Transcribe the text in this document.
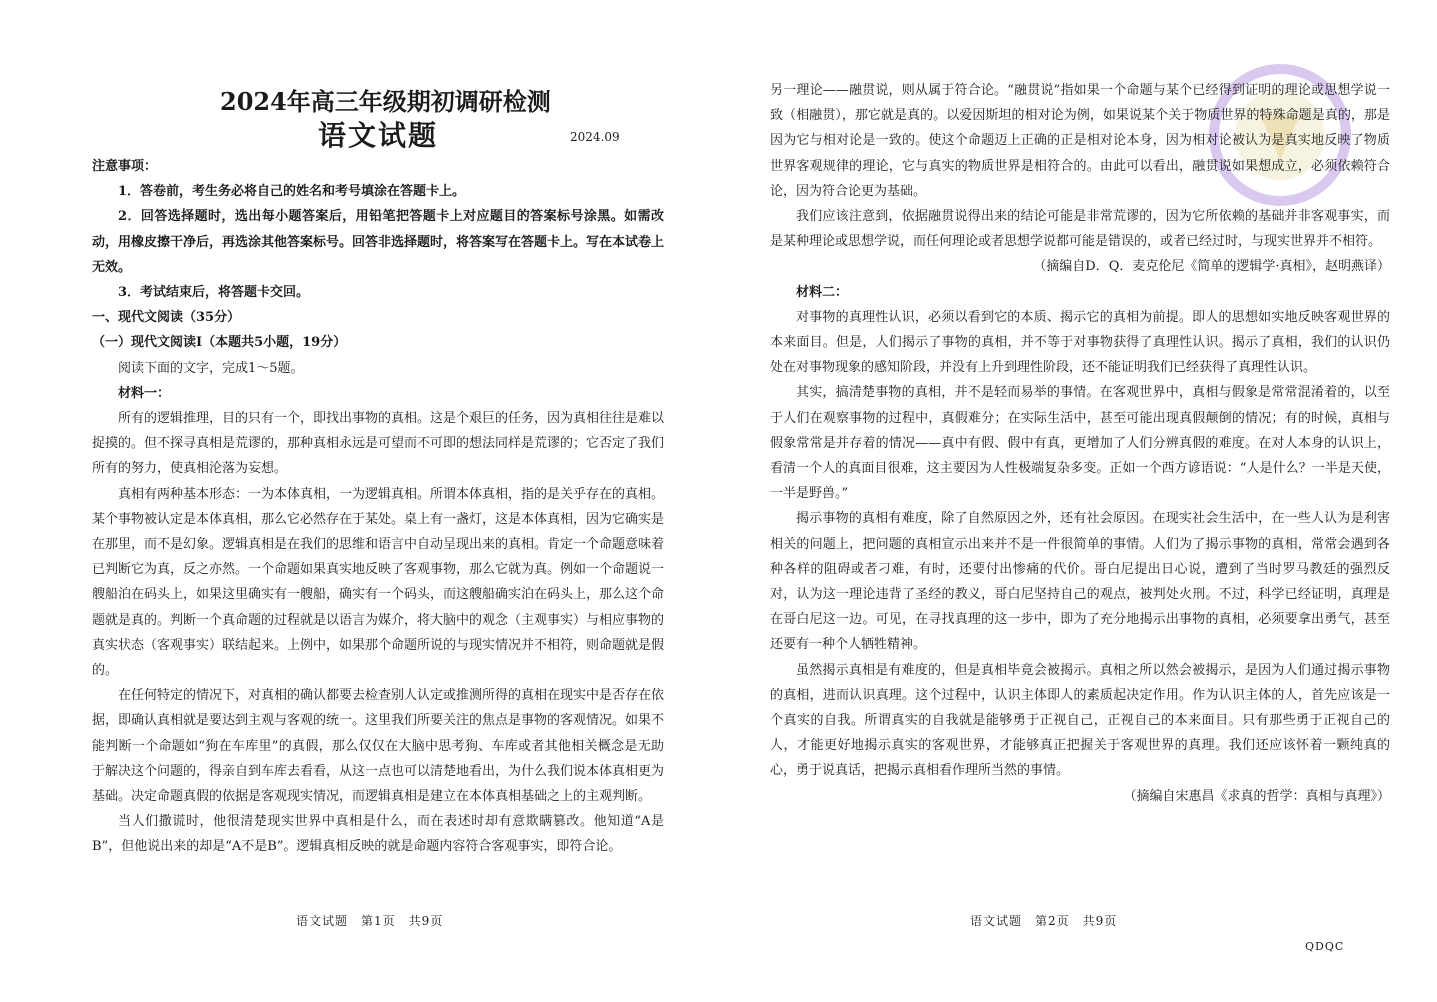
2024年高三年级期初调研检测
语文试题	2024.09

注意事项：

1．答卷前，考生务必将自己的姓名和考号填涂在答题卡上。

2．回答选择题时，选出每小题答案后，用铅笔把答题卡上对应题目的答案标号涂黑。如需改动，用橡皮擦干净后，再选涂其他答案标号。回答非选择题时，将答案写在答题卡上。写在本试卷上无效。

3．考试结束后，将答题卡交回。

一、现代文阅读（35分）

（一）现代文阅读Ⅰ（本题共5小题，19分）

阅读下面的文字，完成1～5题。

材料一：

所有的逻辑推理，目的只有一个，即找出事物的真相。这是个艰巨的任务，因为真相往往是难以捉摸的。但不探寻真相是荒谬的，那种真相永远是可望而不可即的想法同样是荒谬的；它否定了我们所有的努力，使真相沦落为妄想。

真相有两种基本形态：一为本体真相，一为逻辑真相。所谓本体真相，指的是关乎存在的真相。某个事物被认定是本体真相，那么它必然存在于某处。桌上有一盏灯，这是本体真相，因为它确实是在那里，而不是幻象。逻辑真相是在我们的思维和语言中自动呈现出来的真相。肯定一个命题意味着已判断它为真，反之亦然。一个命题如果真实地反映了客观事物，那么它就为真。例如一个命题说一艘船泊在码头上，如果这里确实有一艘船，确实有一个码头，而这艘船确实泊在码头上，那么这个命题就是真的。判断一个真命题的过程就是以语言为媒介，将大脑中的观念（主观事实）与相应事物的真实状态（客观事实）联结起来。上例中，如果那个命题所说的与现实情况并不相符，则命题就是假的。

在任何特定的情况下，对真相的确认都要去检查别人认定或推测所得的真相在现实中是否存在依据，即确认真相就是要达到主观与客观的统一。这里我们所要关注的焦点是事物的客观情况。如果不能判断一个命题如“狗在车库里”的真假，那么仅仅在大脑中思考狗、车库或者其他相关概念是无助于解决这个问题的，得亲自到车库去看看，从这一点也可以清楚地看出，为什么我们说本体真相更为基础。决定命题真假的依据是客观现实情况，而逻辑真相是建立在本体真相基础之上的主观判断。

当人们撒谎时，他很清楚现实世界中真相是什么，而在表述时却有意欺瞒篡改。他知道“A是B”，但他说出来的却是“A不是B”。逻辑真相反映的就是命题内容符合客观事实，即符合论。

语文试题　第1页　共9页

另一理论——融贯说，则从属于符合论。“融贯说”指如果一个命题与某个已经得到证明的理论或思想学说一致（相融贯），那它就是真的。以爱因斯坦的相对论为例，如果说某个关于物质世界的特殊命题是真的，那是因为它与相对论是一致的。使这个命题迈上正确的正是相对论本身，因为相对论被认为是真实地反映了物质世界客观规律的理论，它与真实的物质世界是相符合的。由此可以看出，融贯说如果想成立，必须依赖符合论，因为符合论更为基础。

我们应该注意到，依据融贯说得出来的结论可能是非常荒谬的，因为它所依赖的基础并非客观事实，而是某种理论或思想学说，而任何理论或者思想学说都可能是错误的，或者已经过时，与现实世界并不相符。

（摘编自D．Q．麦克伦尼《简单的逻辑学·真相》，赵明燕译）

材料二：

对事物的真理性认识，必须以看到它的本质、揭示它的真相为前提。即人的思想如实地反映客观世界的本来面目。但是，人们揭示了事物的真相，并不等于对事物获得了真理性认识。揭示了真相，我们的认识仍处在对事物现象的感知阶段，并没有上升到理性阶段，还不能证明我们已经获得了真理性认识。

其实，搞清楚事物的真相，并不是轻而易举的事情。在客观世界中，真相与假象是常常混淆着的，以至于人们在观察事物的过程中，真假难分；在实际生活中，甚至可能出现真假颠倒的情况；有的时候，真相与假象常常是并存着的情况——真中有假、假中有真，更增加了人们分辨真假的难度。在对人本身的认识上，看清一个人的真面目很难，这主要因为人性极端复杂多变。正如一个西方谚语说：“人是什么？一半是天使，一半是野兽。”

揭示事物的真相有难度，除了自然原因之外，还有社会原因。在现实社会生活中，在一些人认为是利害相关的问题上，把问题的真相宣示出来并不是一件很简单的事情。人们为了揭示事物的真相，常常会遇到各种各样的阻碍或者刁难，有时，还要付出惨痛的代价。哥白尼提出日心说，遭到了当时罗马教廷的强烈反对，认为这一理论违背了圣经的教义，哥白尼坚持自己的观点，被判处火刑。不过，科学已经证明，真理是在哥白尼这一边。可见，在寻找真理的这一步中，即为了充分地揭示出事物的真相，必须要拿出勇气，甚至还要有一种个人牺牲精神。

虽然揭示真相是有难度的，但是真相毕竟会被揭示。真相之所以然会被揭示，是因为人们通过揭示事物的真相，进而认识真理。这个过程中，认识主体即人的素质起决定作用。作为认识主体的人，首先应该是一个真实的自我。所谓真实的自我就是能够勇于正视自己，正视自己的本来面目。只有那些勇于正视自己的人，才能更好地揭示真实的客观世界，才能够真正把握关于客观世界的真理。我们还应该怀着一颗纯真的心，勇于说真话，把揭示真相看作理所当然的事情。

（摘编自宋惠昌《求真的哲学：真相与真理》）

语文试题　第2页　共9页
QDQC
